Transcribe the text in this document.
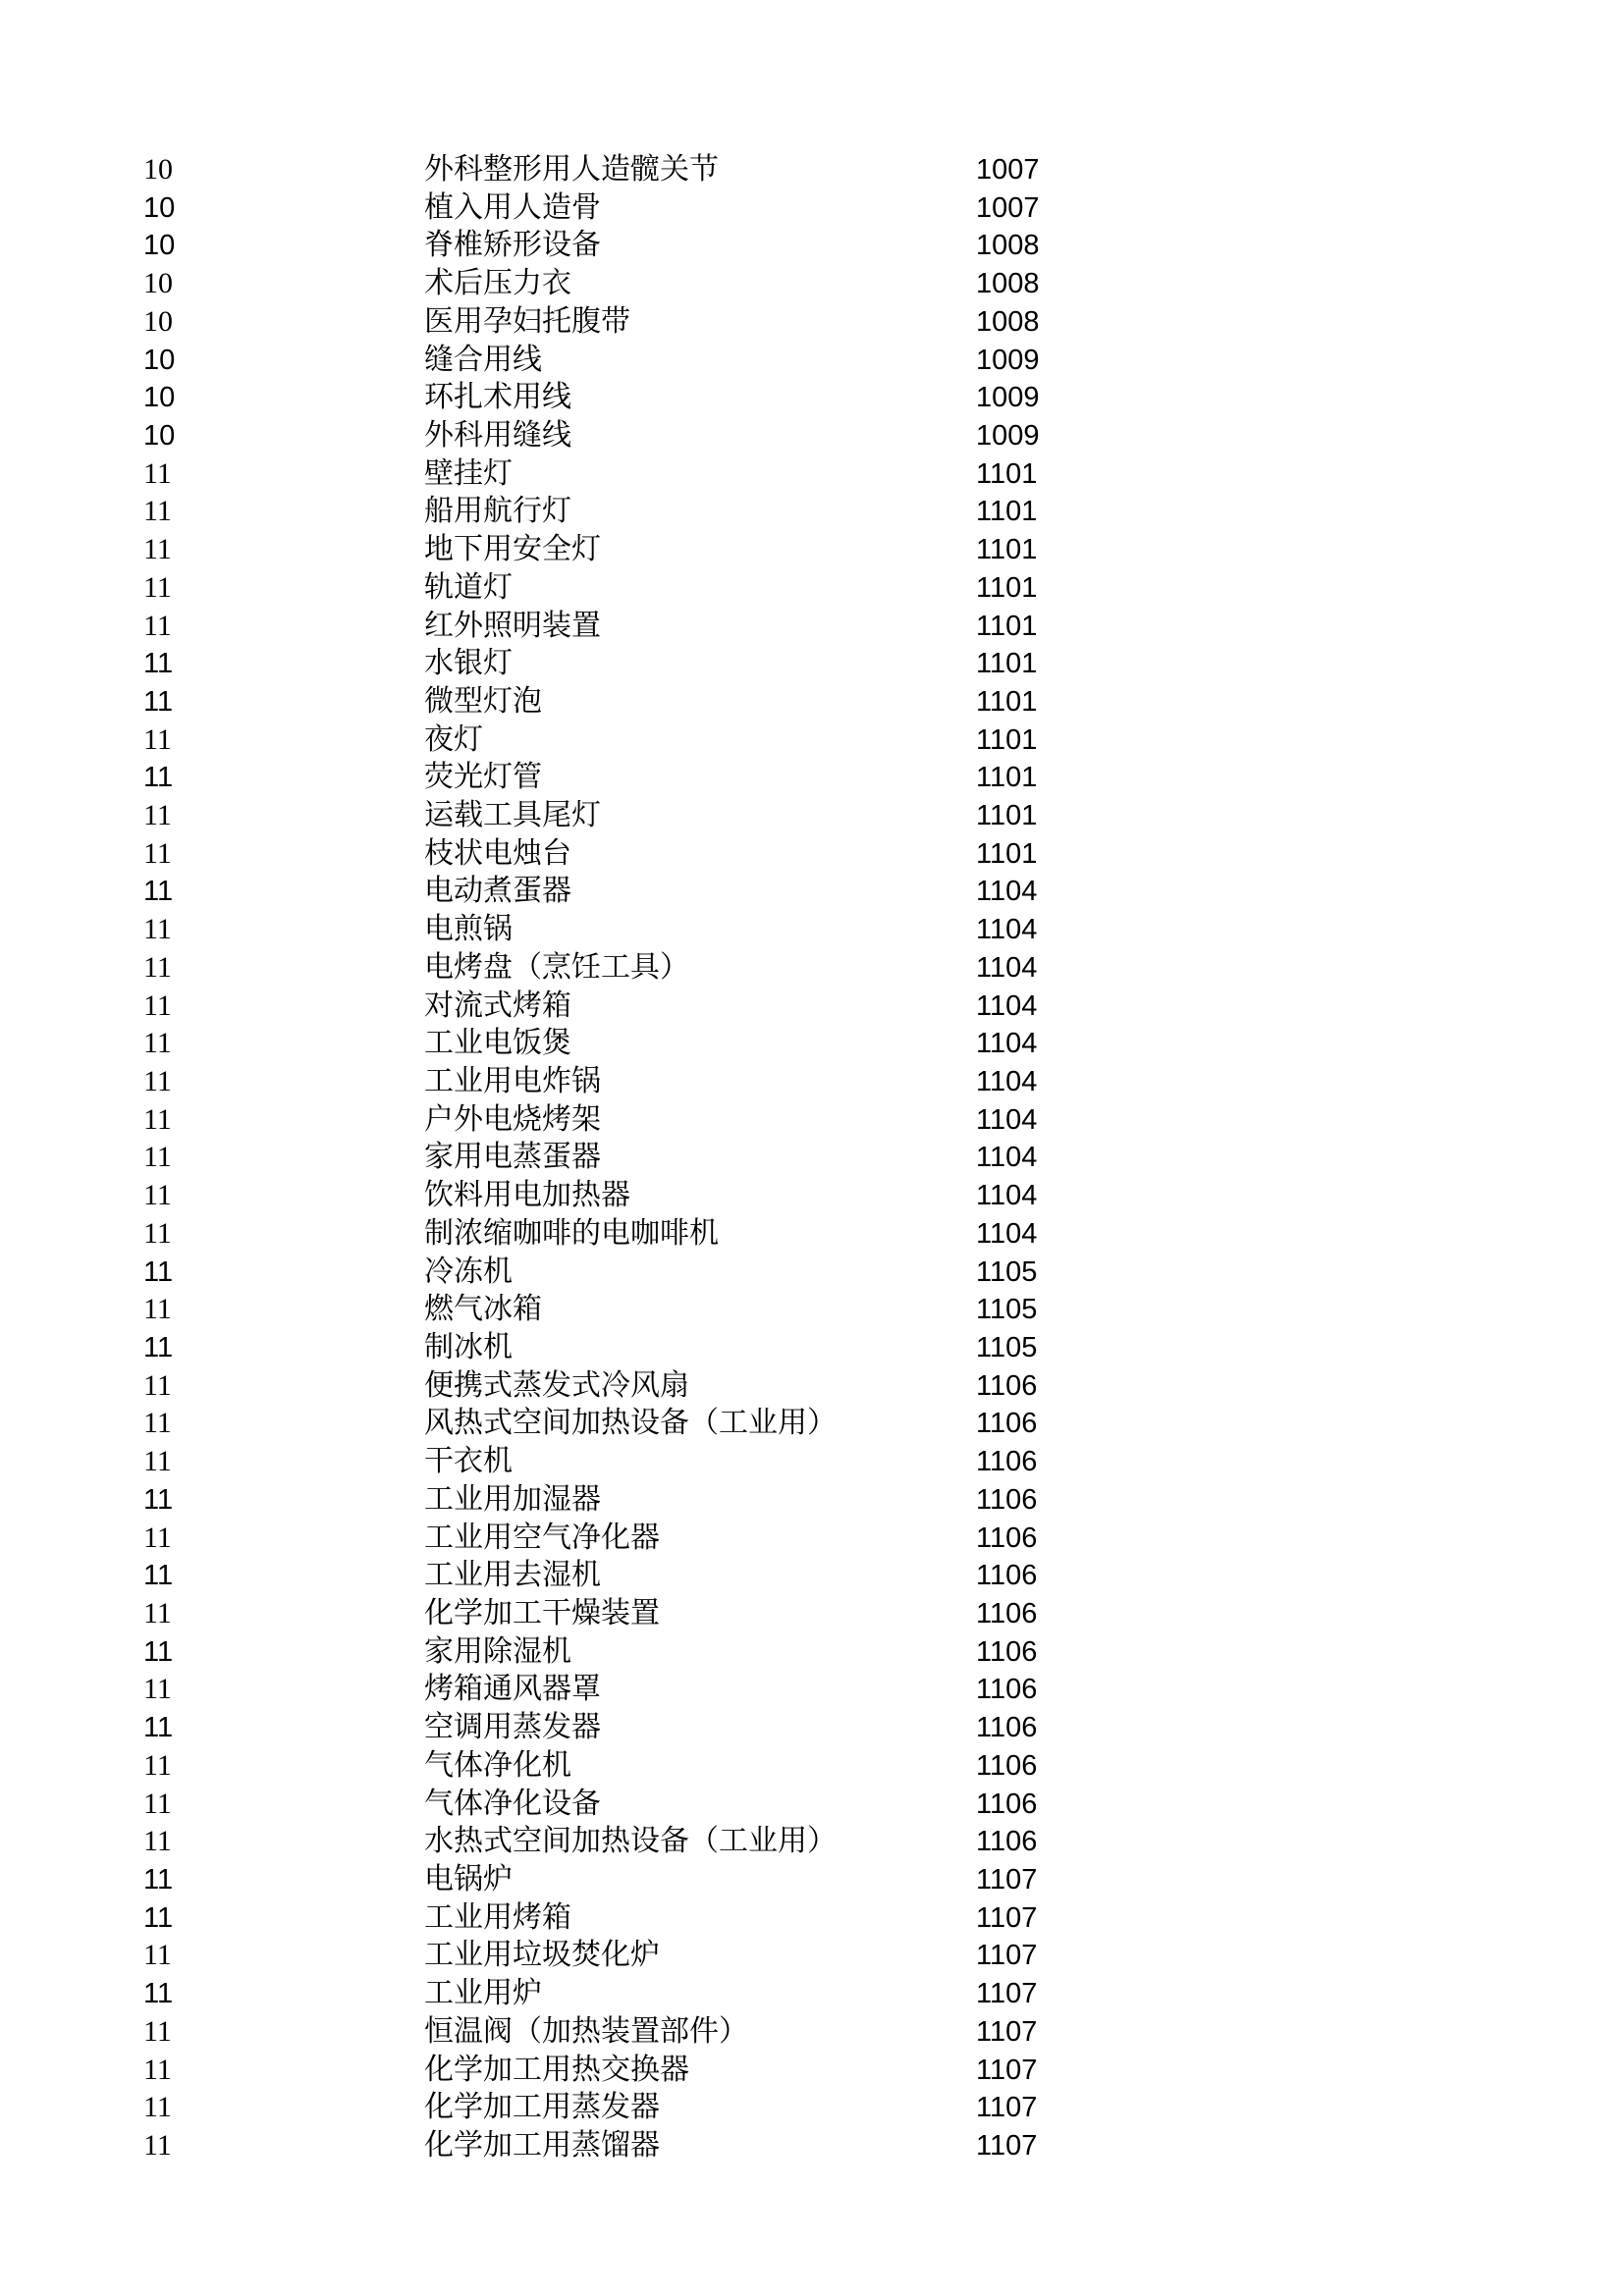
10	外科整形用人造髋关节	1007
10	植入用人造骨	1007
10	脊椎矫形设备	1008
10	术后压力衣	1008
10	医用孕妇托腹带	1008
10	缝合用线	1009
10	环扎术用线	1009
10	外科用缝线	1009
11	壁挂灯	1101
11	船用航行灯	1101
11	地下用安全灯	1101
11	轨道灯	1101
11	红外照明装置	1101
11	水银灯	1101
11	微型灯泡	1101
11	夜灯	1101
11	荧光灯管	1101
11	运载工具尾灯	1101
11	枝状电烛台	1101
11	电动煮蛋器	1104
11	电煎锅	1104
11	电烤盘（烹饪工具）	1104
11	对流式烤箱	1104
11	工业电饭煲	1104
11	工业用电炸锅	1104
11	户外电烧烤架	1104
11	家用电蒸蛋器	1104
11	饮料用电加热器	1104
11	制浓缩咖啡的电咖啡机	1104
11	冷冻机	1105
11	燃气冰箱	1105
11	制冰机	1105
11	便携式蒸发式冷风扇	1106
11	风热式空间加热设备（工业用）	1106
11	干衣机	1106
11	工业用加湿器	1106
11	工业用空气净化器	1106
11	工业用去湿机	1106
11	化学加工干燥装置	1106
11	家用除湿机	1106
11	烤箱通风器罩	1106
11	空调用蒸发器	1106
11	气体净化机	1106
11	气体净化设备	1106
11	水热式空间加热设备（工业用）	1106
11	电锅炉	1107
11	工业用烤箱	1107
11	工业用垃圾焚化炉	1107
11	工业用炉	1107
11	恒温阀（加热装置部件）	1107
11	化学加工用热交换器	1107
11	化学加工用蒸发器	1107
11	化学加工用蒸馏器	1107
